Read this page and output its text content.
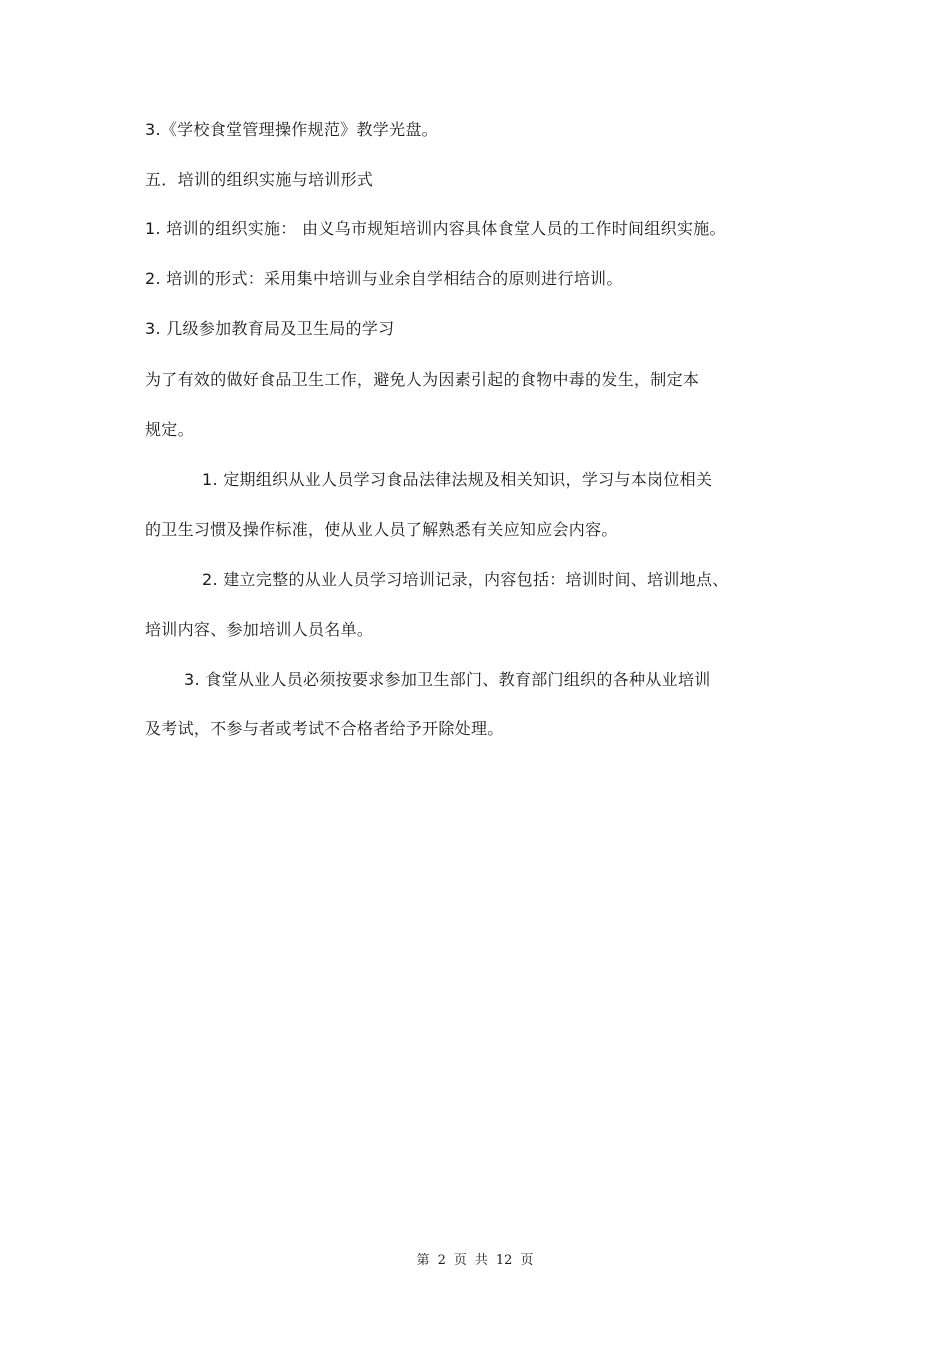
3.《学校食堂管理操作规范》教学光盘。
五．培训的组织实施与培训形式
1. 培训的组织实施： 由义乌市规矩培训内容具体食堂人员的工作时间组织实施。
2. 培训的形式：采用集中培训与业余自学相结合的原则进行培训。
3. 几级参加教育局及卫生局的学习
为了有效的做好食品卫生工作，避免人为因素引起的食物中毒的发生，制定本
规定。
1. 定期组织从业人员学习食品法律法规及相关知识，学习与本岗位相关
的卫生习惯及操作标准，使从业人员了解熟悉有关应知应会内容。
2. 建立完整的从业人员学习培训记录，内容包括：培训时间、培训地点、
培训内容、参加培训人员名单。
3. 食堂从业人员必须按要求参加卫生部门、教育部门组织的各种从业培训
及考试，不参与者或考试不合格者给予开除处理。
第 2 页 共 12 页
